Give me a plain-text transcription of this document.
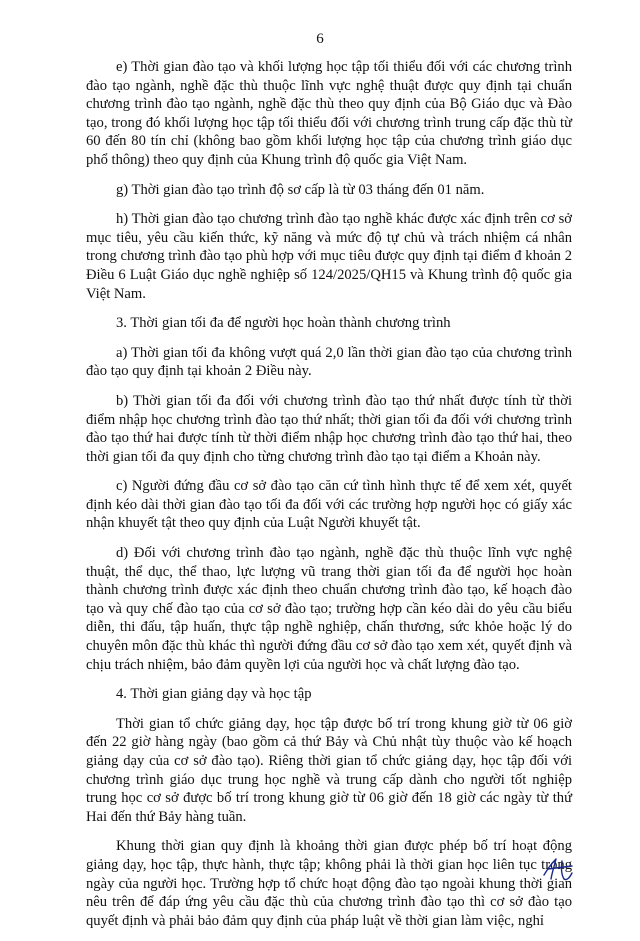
6

e) Thời gian đào tạo và khối lượng học tập tối thiểu đối với các chương trình đào tạo ngành, nghề đặc thù thuộc lĩnh vực nghệ thuật được quy định tại chuẩn chương trình đào tạo ngành, nghề đặc thù theo quy định của Bộ Giáo dục và Đào tạo, trong đó khối lượng học tập tối thiểu đối với chương trình trung cấp đặc thù từ 60 đến 80 tín chỉ (không bao gồm khối lượng học tập của chương trình giáo dục phổ thông) theo quy định của Khung trình độ quốc gia Việt Nam.

g) Thời gian đào tạo trình độ sơ cấp là từ 03 tháng đến 01 năm.

h) Thời gian đào tạo chương trình đào tạo nghề khác được xác định trên cơ sở mục tiêu, yêu cầu kiến thức, kỹ năng và mức độ tự chủ và trách nhiệm cá nhân trong chương trình đào tạo phù hợp với mục tiêu được quy định tại điểm đ khoản 2 Điều 6 Luật Giáo dục nghề nghiệp số 124/2025/QH15 và Khung trình độ quốc gia Việt Nam.

3. Thời gian tối đa để người học hoàn thành chương trình

a) Thời gian tối đa không vượt quá 2,0 lần thời gian đào tạo của chương trình đào tạo quy định tại khoản 2 Điều này.

b) Thời gian tối đa đối với chương trình đào tạo thứ nhất được tính từ thời điểm nhập học chương trình đào tạo thứ nhất; thời gian tối đa đối với chương trình đào tạo thứ hai được tính từ thời điểm nhập học chương trình đào tạo thứ hai, theo thời gian tối đa quy định cho từng chương trình đào tạo tại điểm a Khoản này.

c) Người đứng đầu cơ sở đào tạo căn cứ tình hình thực tế để xem xét, quyết định kéo dài thời gian đào tạo tối đa đối với các trường hợp người học có giấy xác nhận khuyết tật theo quy định của Luật Người khuyết tật.

d) Đối với chương trình đào tạo ngành, nghề đặc thù thuộc lĩnh vực nghệ thuật, thể dục, thể thao, lực lượng vũ trang thời gian tối đa để người học hoàn thành chương trình được xác định theo chuẩn chương trình đào tạo, kế hoạch đào tạo và quy chế đào tạo của cơ sở đào tạo; trường hợp cần kéo dài do yêu cầu biểu diễn, thi đấu, tập huấn, thực tập nghề nghiệp, chấn thương, sức khỏe hoặc lý do chuyên môn đặc thù khác thì người đứng đầu cơ sở đào tạo xem xét, quyết định và chịu trách nhiệm, bảo đảm quyền lợi của người học và chất lượng đào tạo.

4. Thời gian giảng dạy và học tập

Thời gian tổ chức giảng dạy, học tập được bố trí trong khung giờ từ 06 giờ đến 22 giờ hàng ngày (bao gồm cả thứ Bảy và Chủ nhật tùy thuộc vào kế hoạch giảng dạy của cơ sở đào tạo). Riêng thời gian tổ chức giảng dạy, học tập đối với chương trình giáo dục trung học nghề và trung cấp dành cho người tốt nghiệp trung học cơ sở được bố trí trong khung giờ từ 06 giờ đến 18 giờ các ngày từ thứ Hai đến thứ Bảy hàng tuần.

Khung thời gian quy định là khoảng thời gian được phép bố trí hoạt động giảng dạy, học tập, thực hành, thực tập; không phải là thời gian học liên tục trong ngày của người học. Trường hợp tổ chức hoạt động đào tạo ngoài khung thời gian nêu trên để đáp ứng yêu cầu đặc thù của chương trình đào tạo thì cơ sở đào tạo quyết định và phải bảo đảm quy định của pháp luật về thời gian làm việc, nghỉ
